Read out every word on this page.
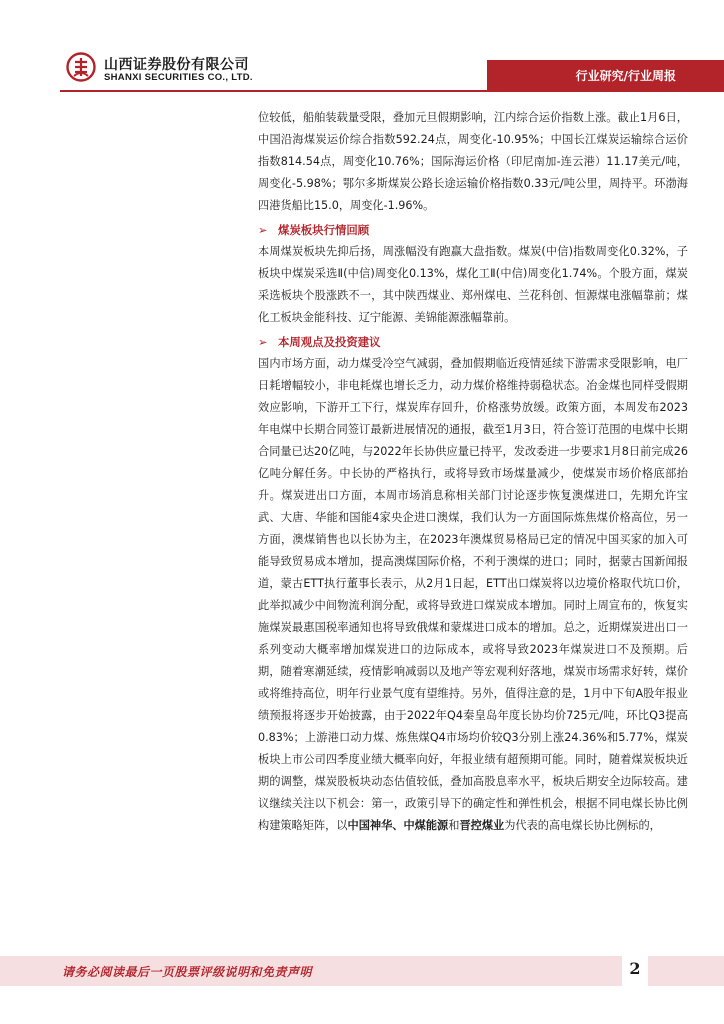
山西证券股份有限公司
SHANXI SECURITIES CO., LTD.	行业研究/行业周报

位较低，船舶装载量受限，叠加元旦假期影响，江内综合运价指数上涨。截止1月6日，中国沿海煤炭运价综合指数592.24点，周变化-10.95%；中国长江煤炭运输综合运价指数814.54点，周变化10.76%；国际海运价格（印尼南加-连云港）11.17美元/吨，周变化-5.98%；鄂尔多斯煤炭公路长途运输价格指数0.33元/吨公里，周持平。环渤海四港货船比15.0，周变化-1.96%。

➢ 煤炭板块行情回顾

本周煤炭板块先抑后扬，周涨幅没有跑赢大盘指数。煤炭(中信)指数周变化0.32%，子板块中煤炭采选Ⅱ(中信)周变化0.13%，煤化工Ⅱ(中信)周变化1.74%。个股方面，煤炭采选板块个股涨跌不一，其中陕西煤业、郑州煤电、兰花科创、恒源煤电涨幅靠前；煤化工板块金能科技、辽宁能源、美锦能源涨幅靠前。

➢ 本周观点及投资建议

国内市场方面，动力煤受冷空气减弱，叠加假期临近疫情延续下游需求受限影响，电厂日耗增幅较小，非电耗煤也增长乏力，动力煤价格维持弱稳状态。冶金煤也同样受假期效应影响，下游开工下行，煤炭库存回升，价格涨势放缓。政策方面，本周发布2023年电煤中长期合同签订最新进展情况的通报，截至1月3日，符合签订范围的电煤中长期合同量已达20亿吨，与2022年长协供应量已持平，发改委进一步要求1月8日前完成26亿吨分解任务。中长协的严格执行，或将导致市场煤量减少，使煤炭市场价格底部抬升。煤炭进出口方面，本周市场消息称相关部门讨论逐步恢复澳煤进口，先期允许宝武、大唐、华能和国能4家央企进口澳煤，我们认为一方面国际炼焦煤价格高位，另一方面，澳煤销售也以长协为主，在2023年澳煤贸易格局已定的情况中国买家的加入可能导致贸易成本增加，提高澳煤国际价格，不利于澳煤的进口；同时，据蒙古国新闻报道，蒙古ETT执行董事长表示，从2月1日起，ETT出口煤炭将以边境价格取代坑口价，此举拟减少中间物流利润分配，或将导致进口煤炭成本增加。同时上周宣布的，恢复实施煤炭最惠国税率通知也将导致俄煤和蒙煤进口成本的增加。总之，近期煤炭进出口一系列变动大概率增加煤炭进口的边际成本，或将导致2023年煤炭进口不及预期。后期，随着寒潮延续，疫情影响减弱以及地产等宏观利好落地，煤炭市场需求好转，煤价或将维持高位，明年行业景气度有望维持。另外，值得注意的是，1月中下旬A股年报业绩预报将逐步开始披露，由于2022年Q4秦皇岛年度长协均价725元/吨，环比Q3提高0.83%；上游港口动力煤、炼焦煤Q4市场均价较Q3分别上涨24.36%和5.77%，煤炭板块上市公司四季度业绩大概率向好，年报业绩有超预期可能。同时，随着煤炭板块近期的调整，煤炭股板块动态估值较低，叠加高股息率水平，板块后期安全边际较高。建议继续关注以下机会：第一，政策引导下的确定性和弹性机会，根据不同电煤长协比例构建策略矩阵，以中国神华、中煤能源和晋控煤业为代表的高电煤长协比例标的，

请务必阅读最后一页股票评级说明和免责声明	2
